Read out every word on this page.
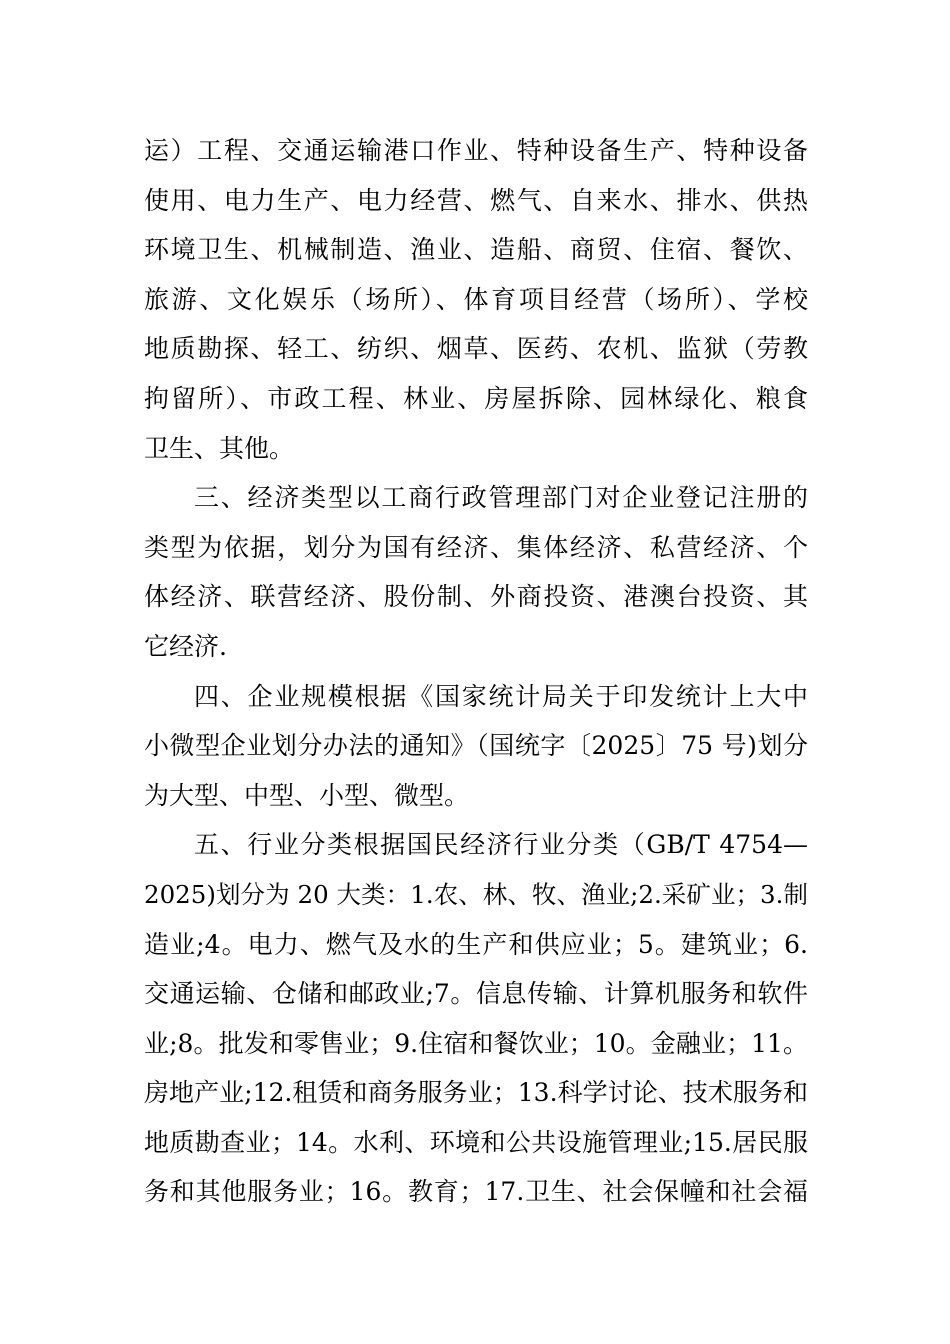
运）工程、交通运输港口作业、特种设备生产、特种设备
使用、电力生产、电力经营、燃气、自来水、排水、供热
环境卫生、机械制造、渔业、造船、商贸、住宿、餐饮、
旅游、文化娱乐（场所）、体育项目经营（场所）、学校
地质勘探、轻工、纺织、烟草、医药、农机、监狱（劳教
拘留所）、市政工程、林业、房屋拆除、园林绿化、粮食
卫生、其他。
三、经济类型以工商行政管理部门对企业登记注册的
类型为依据，划分为国有经济、集体经济、私营经济、个
体经济、联营经济、股份制、外商投资、港澳台投资、其
它经济.
四、企业规模根据《国家统计局关于印发统计上大中
小微型企业划分办法的通知》（国统字〔2025〕75 号)划分
为大型、中型、小型、微型。
五、行业分类根据国民经济行业分类（GB/T 4754—
2025)划分为 20 大类：1.农、林、牧、渔业;2.采矿业；3.制
造业;4。电力、燃气及水的生产和供应业；5。建筑业；6.
交通运输、仓储和邮政业;7。信息传输、计算机服务和软件
业;8。批发和零售业；9.住宿和餐饮业；10。金融业；11。
房地产业;12.租赁和商务服务业；13.科学讨论、技术服务和
地质勘查业；14。水利、环境和公共设施管理业;15.居民服
务和其他服务业；16。教育；17.卫生、社会保幢和社会福
